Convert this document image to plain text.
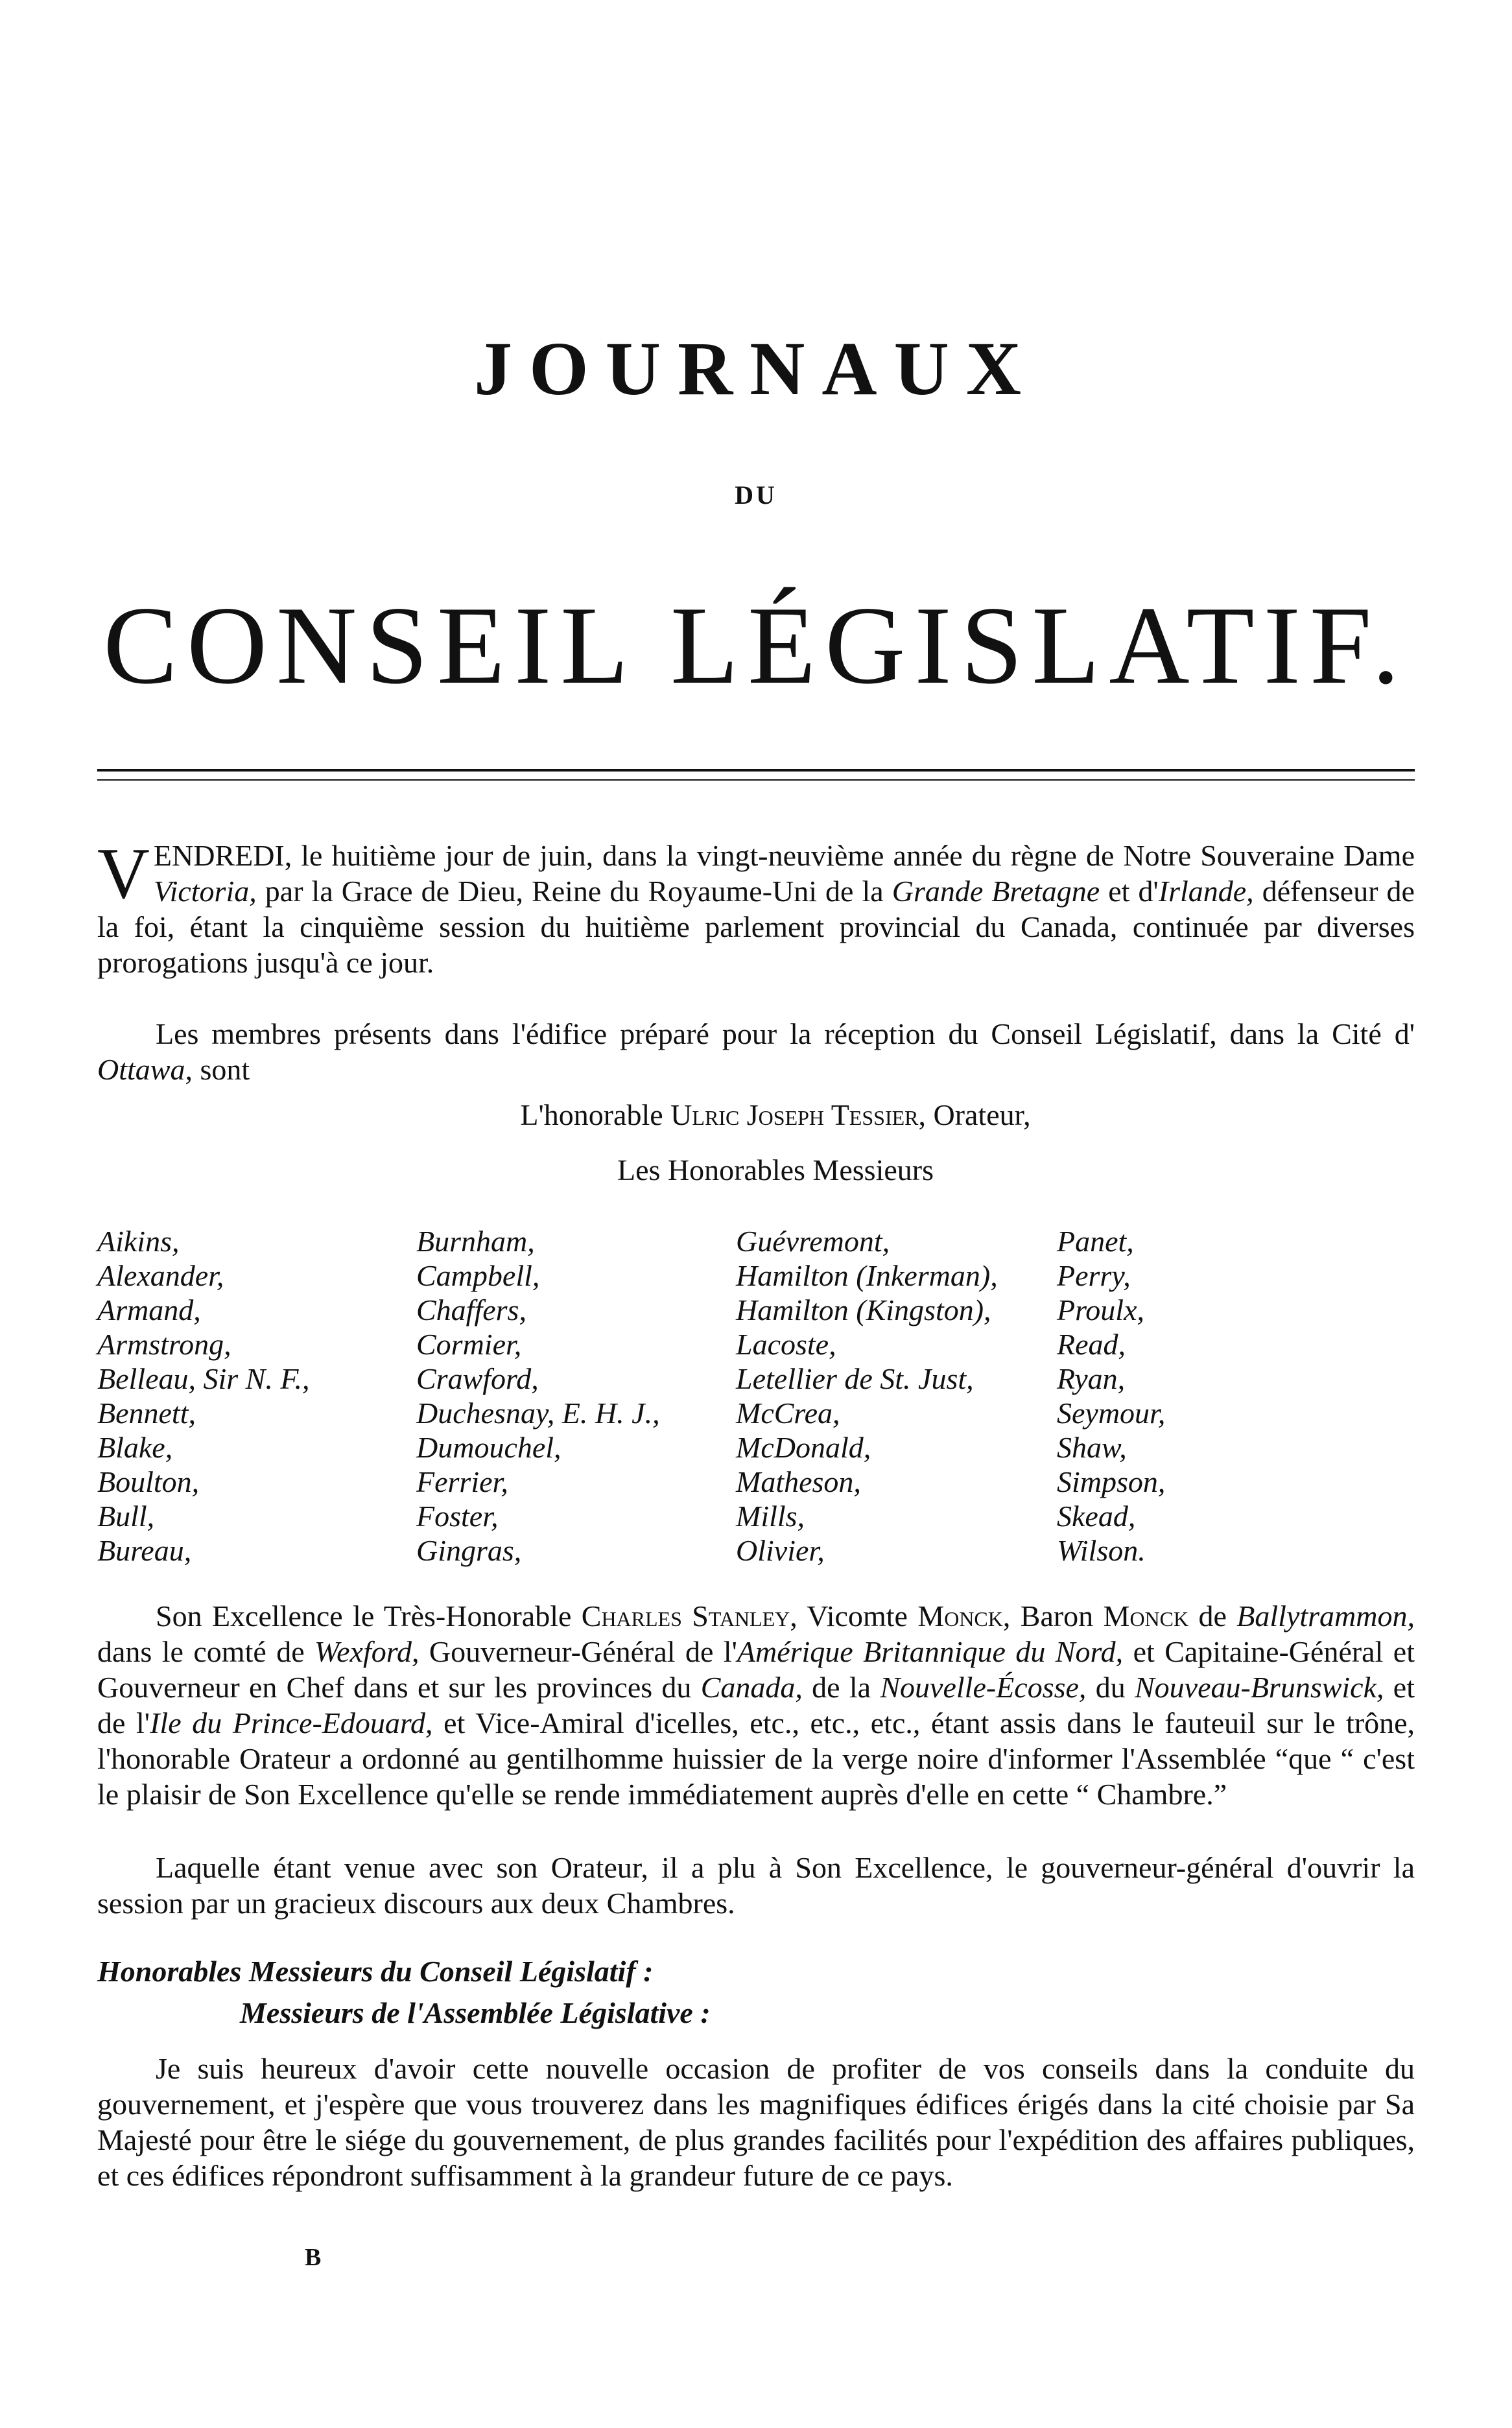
JOURNAUX
DU
CONSEIL LÉGISLATIF.
VENDREDI, le huitième jour de juin, dans la vingt-neuvième année du règne de Notre Souveraine Dame Victoria, par la Grace de Dieu, Reine du Royaume-Uni de la Grande Bretagne et d'Irlande, défenseur de la foi, étant la cinquième session du huitième parlement provincial du Canada, continuée par diverses prorogations jusqu'à ce jour.
Les membres présents dans l'édifice préparé pour la réception du Conseil Législatif, dans la Cité d' Ottawa, sont
L'honorable Ulric Joseph Tessier, Orateur,
Les Honorables Messieurs
Aikins,
Alexander,
Armand,
Armstrong,
Belleau, Sir N. F.,
Bennett,
Blake,
Boulton,
Bull,
Bureau,
Burnham,
Campbell,
Chaffers,
Cormier,
Crawford,
Duchesnay, E. H. J.,
Dumouchel,
Ferrier,
Foster,
Gingras,
Guévremont,
Hamilton (Inkerman),
Hamilton (Kingston),
Lacoste,
Letellier de St. Just,
McCrea,
McDonald,
Matheson,
Mills,
Olivier,
Panet,
Perry,
Proulx,
Read,
Ryan,
Seymour,
Shaw,
Simpson,
Skead,
Wilson.
Son Excellence le Très-Honorable Charles Stanley, Vicomte Monck, Baron Monck de Ballytrammon, dans le comté de Wexford, Gouverneur-Général de l'Amérique Britannique du Nord, et Capitaine-Général et Gouverneur en Chef dans et sur les provinces du Canada, de la Nouvelle-Écosse, du Nouveau-Brunswick, et de l'Ile du Prince-Edouard, et Vice-Amiral d'icelles, etc., etc., etc., étant assis dans le fauteuil sur le trône, l'honorable Orateur a ordonné au gentilhomme huissier de la verge noire d'informer l'Assemblée “que “ c'est le plaisir de Son Excellence qu'elle se rende immédiatement auprès d'elle en cette “ Chambre.”
Laquelle étant venue avec son Orateur, il a plu à Son Excellence, le gouverneur-général d'ouvrir la session par un gracieux discours aux deux Chambres.
Honorables Messieurs du Conseil Législatif :
Messieurs de l'Assemblée Législative :
Je suis heureux d'avoir cette nouvelle occasion de profiter de vos conseils dans la conduite du gouvernement, et j'espère que vous trouverez dans les magnifiques édifices érigés dans la cité choisie par Sa Majesté pour être le siége du gouvernement, de plus grandes facilités pour l'expédition des affaires publiques, et ces édifices répondront suffisamment à la grandeur future de ce pays.
B
